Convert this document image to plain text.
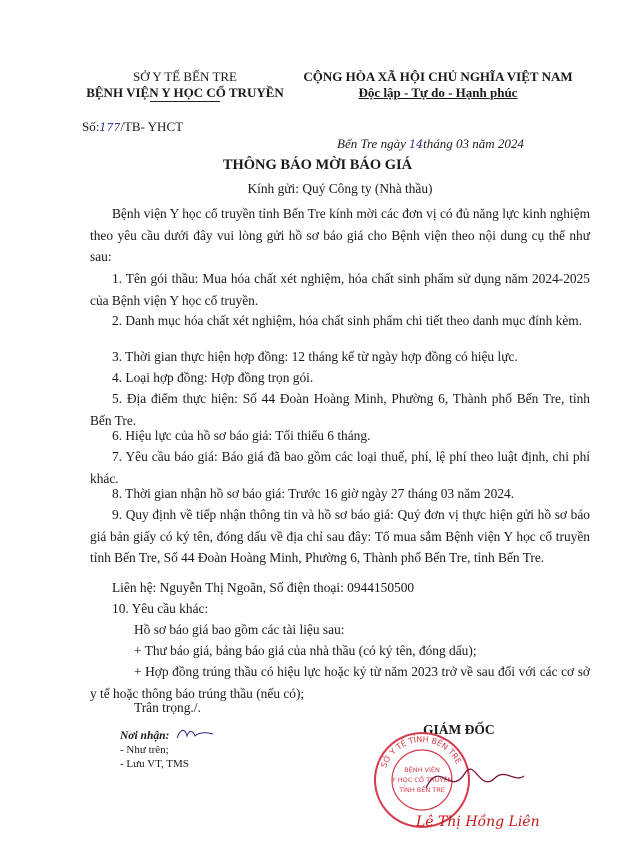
SỞ Y TẾ BẾN TRE
BỆNH VIỆN Y HỌC CỔ TRUYỀN
CỘNG HÒA XÃ HỘI CHỦ NGHĨA VIỆT NAM
Độc lập - Tự do - Hạnh phúc
Số:177/TB- YHCT
Bến Tre ngày 14tháng 03 năm 2024
THÔNG BÁO MỜI BÁO GIÁ
Kính gửi: Quý Công ty (Nhà thầu)
Bệnh viện Y học cổ truyền tỉnh Bến Tre kính mời các đơn vị có đủ năng lực kinh nghiệm theo yêu cầu dưới đây vui lòng gửi hồ sơ báo giá cho Bệnh viện theo nội dung cụ thể như sau:
1. Tên gói thầu: Mua hóa chất xét nghiệm, hóa chất sinh phẩm sử dụng năm 2024-2025 của Bệnh viện Y học cổ truyền.
2. Danh mục hóa chất xét nghiệm, hóa chất sinh phẩm chi tiết theo danh mục đính kèm.
3. Thời gian thực hiện hợp đồng: 12 tháng kể từ ngày hợp đồng có hiệu lực.
4. Loại hợp đồng: Hợp đồng trọn gói.
5. Địa điểm thực hiện: Số 44 Đoàn Hoàng Minh, Phường 6, Thành phố Bến Tre, tỉnh Bến Tre.
6. Hiệu lực của hồ sơ báo giá: Tối thiểu 6 tháng.
7. Yêu cầu báo giá: Báo giá đã bao gồm các loại thuế, phí, lệ phí theo luật định, chi phí khác.
8. Thời gian nhận hồ sơ báo giá: Trước 16 giờ ngày 27 tháng 03 năm 2024.
9. Quy định về tiếp nhận thông tin và hồ sơ báo giá: Quý đơn vị thực hiện gửi hồ sơ báo giá bản giấy có ký tên, đóng dấu về địa chỉ sau đây: Tổ mua sắm Bệnh viện Y học cổ truyền tỉnh Bến Tre, Số 44 Đoàn Hoàng Minh, Phường 6, Thành phố Bến Tre, tỉnh Bến Tre.
Liên hệ: Nguyễn Thị Ngoãn, Số điện thoại: 0944150500
10. Yêu cầu khác:
Hồ sơ báo giá bao gồm các tài liệu sau:
+ Thư báo giá, bảng báo giá của nhà thầu (có ký tên, đóng dấu);
+ Hợp đồng trúng thầu có hiệu lực hoặc ký từ năm 2023 trở về sau đối với các cơ sở y tế hoặc thông báo trúng thầu (nếu có);
Trân trọng./.
Nơi nhận:
- Như trên;
- Lưu VT, TMS
GIÁM ĐỐC
SỞ Y TẾ TỈNH BẾN TRE
BỆNH VIỆN
Y HỌC CỔ TRUYỀN
TỈNH BẾN TRE
Lê Thị Hồng Liên
